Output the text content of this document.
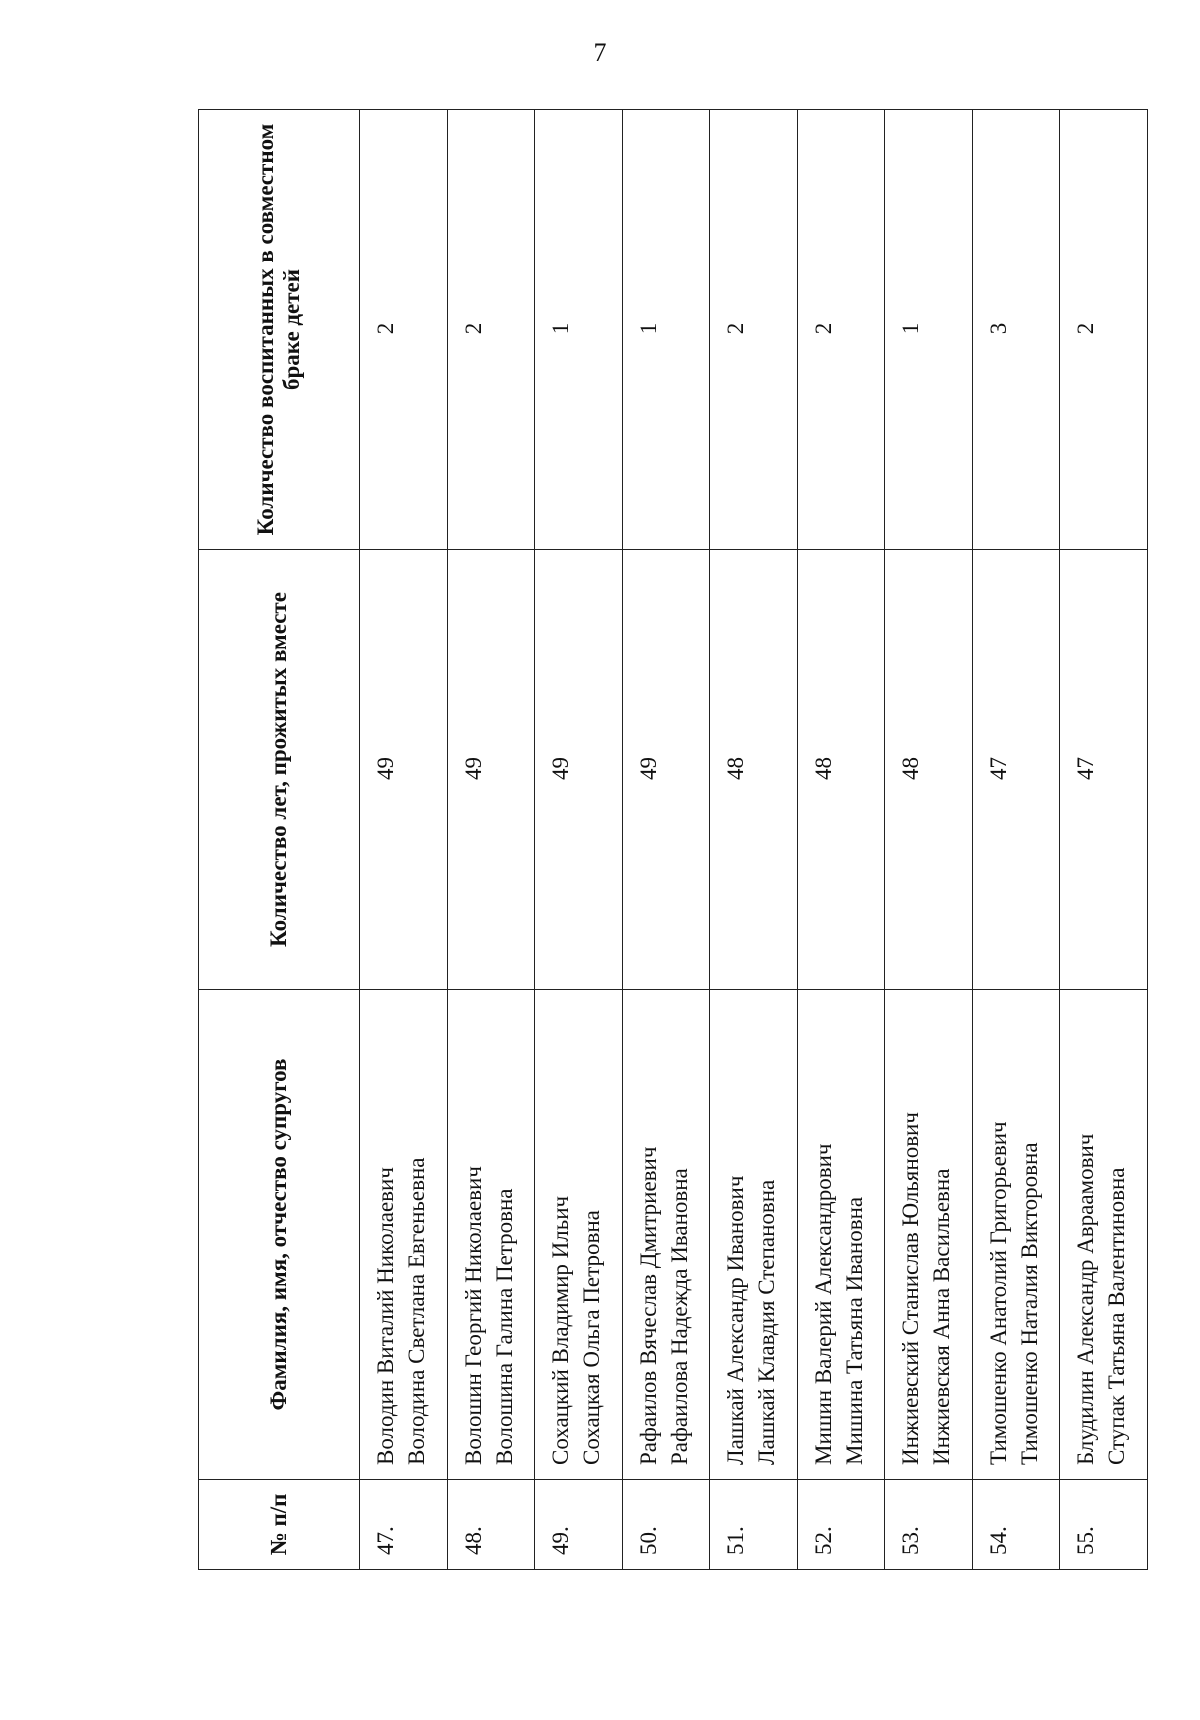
7
№ п/п	Фамилия, имя, отчество супругов	Количество лет, прожитых вместе	Количество воспитанных в совместном браке детей
47.	Володин Виталий Николаевич Володина Светлана Евгеньевна	49	2
48.	Волошин Георгий Николаевич Волошина Галина Петровна	49	2
49.	Сохацкий Владимир Ильич Сохацкая Ольга Петровна	49	1
50.	Рафаилов Вячеслав Дмитриевич Рафаилова Надежда Ивановна	49	1
51.	Лашкай Александр Иванович Лашкай Клавдия Степановна	48	2
52.	Мишин Валерий Александрович Мишина Татьяна Ивановна	48	2
53.	Инжиевский Станислав Юльянович Инжиевская Анна Васильевна	48	1
54.	Тимошенко Анатолий Григорьевич Тимошенко Наталия Викторовна	47	3
55.	Блудилин Александр Авраамович Ступак Татьяна Валентиновна	47	2
